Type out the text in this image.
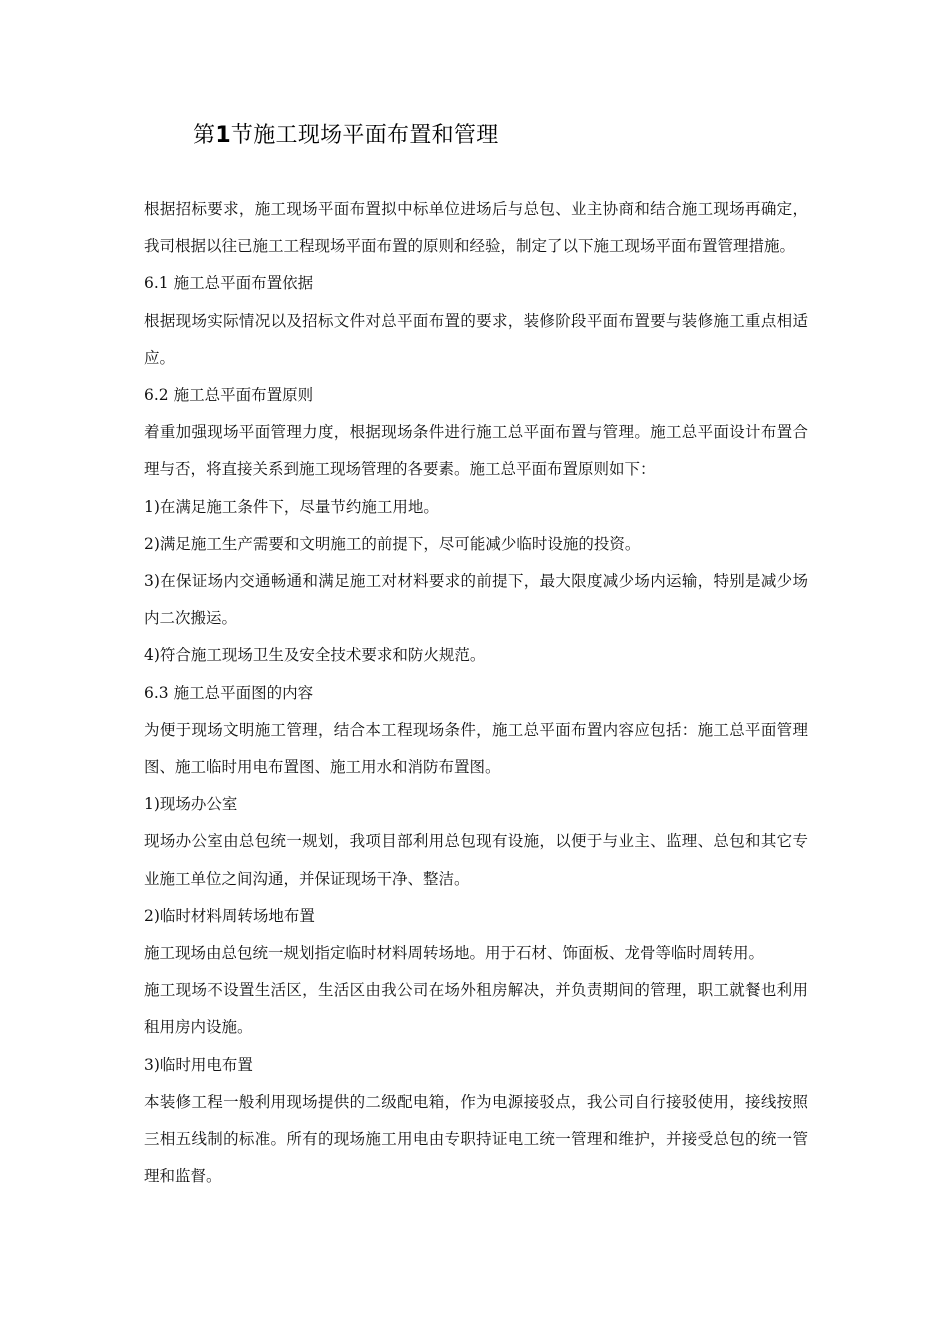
第1节施工现场平面布置和管理

根据招标要求，施工现场平面布置拟中标单位进场后与总包、业主协商和结合施工现场再确定，我司根据以往已施工工程现场平面布置的原则和经验，制定了以下施工现场平面布置管理措施。

6.1 施工总平面布置依据

根据现场实际情况以及招标文件对总平面布置的要求，装修阶段平面布置要与装修施工重点相适应。

6.2 施工总平面布置原则

着重加强现场平面管理力度，根据现场条件进行施工总平面布置与管理。施工总平面设计布置合理与否，将直接关系到施工现场管理的各要素。施工总平面布置原则如下：

1)在满足施工条件下，尽量节约施工用地。

2)满足施工生产需要和文明施工的前提下，尽可能减少临时设施的投资。

3)在保证场内交通畅通和满足施工对材料要求的前提下，最大限度减少场内运输，特别是减少场内二次搬运。

4)符合施工现场卫生及安全技术要求和防火规范。

6.3 施工总平面图的内容

为便于现场文明施工管理，结合本工程现场条件，施工总平面布置内容应包括：施工总平面管理图、施工临时用电布置图、施工用水和消防布置图。

1)现场办公室

现场办公室由总包统一规划，我项目部利用总包现有设施，以便于与业主、监理、总包和其它专业施工单位之间沟通，并保证现场干净、整洁。

2)临时材料周转场地布置

施工现场由总包统一规划指定临时材料周转场地。用于石材、饰面板、龙骨等临时周转用。

施工现场不设置生活区，生活区由我公司在场外租房解决，并负责期间的管理，职工就餐也利用租用房内设施。

3)临时用电布置

本装修工程一般利用现场提供的二级配电箱，作为电源接驳点，我公司自行接驳使用，接线按照三相五线制的标准。所有的现场施工用电由专职持证电工统一管理和维护，并接受总包的统一管理和监督。
